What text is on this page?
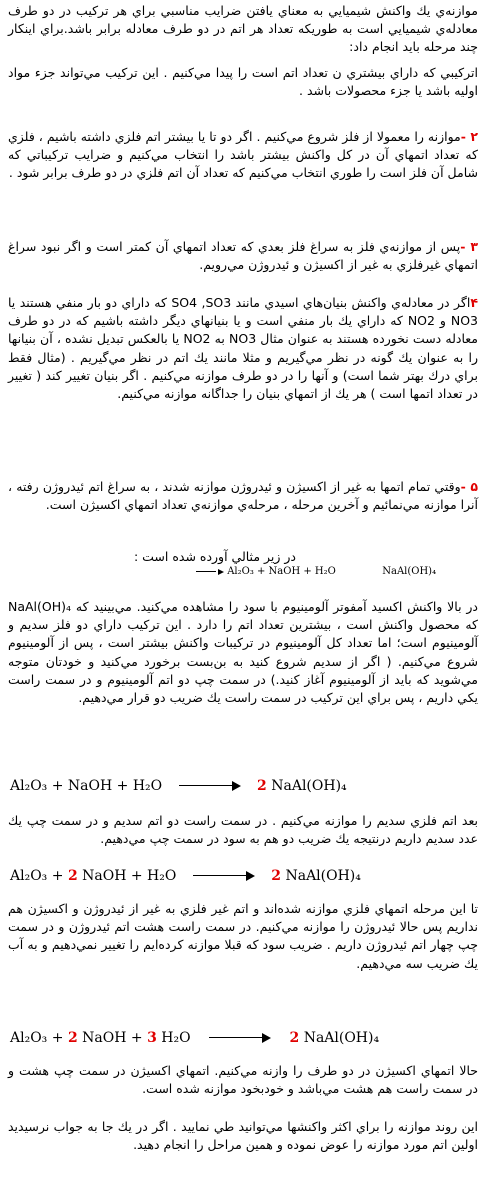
موازنه‌ي يك واكنش شيميايي به معناي يافتن ضرايب مناسبي براي هر تركيب در دو طرف معادله‌ي شيميايي است به طوريكه تعداد هر اتم در دو طرف معادله برابر باشد.براي اينكار چند مرحله بايد انجام داد:

اتركيبي كه داراي بيشتري ن تعداد اتم است را پيدا مي‌كنيم . اين تركيب مي‌تواند جزء مواد اوليه باشد يا جزء محصولات باشد .

۲ -موازنه را معمولا از فلز شروع مي‌كنيم . اگر دو تا يا بيشتر اتم فلزي داشته باشيم ، فلزي كه تعداد اتمهاي آن در كل واكنش بيشتر باشد را انتخاب مي‌كنيم و ضرايب تركيباتي كه شامل آن فلز است را طوري انتخاب مي‌كنيم كه تعداد آن اتم فلزي در دو طرف برابر شود .

۳ -پس از موازنه‌ي فلز به سراغ فلز بعدي كه تعداد اتمهاي آن كمتر است و اگر نبود سراغ اتمهاي غيرفلزي به غير از اكسيژن و ئيدروژن مي‌رويم.

۴اگر در معادله‌ي واكنش بنيان‌هاي اسيدي مانند SO4 ,SO3 كه داراي دو بار منفي هستند يا NO3 و NO2 كه داراي يك بار منفي است و يا بنيانهاي ديگر داشته باشيم كه در دو طرف معادله دست نخورده هستند به عنوان مثال NO3 به NO2 يا بالعكس تبديل نشده ، آن بنيانها را به عنوان يك گونه در نظر مي‌گيريم و مثلا مانند يك اتم در نظر مي‌گيريم . (مثال فقط براي درك بهتر شما است) و آنها را در دو طرف موازنه مي‌كنيم . اگر بنيان تغيير كند ( تغيير در تعداد اتمها است ) هر يك از اتمهاي بنيان را جداگانه موازنه مي‌كنيم.

۵ -وقتي تمام اتمها به غير از اكسيژن و ئيدروژن موازنه شدند ، به سراغ اتم ئيدروژن رفته ، آنرا موازنه مي‌نمائيم و آخرين مرحله ، مرحله‌ي موازنه‌ي تعداد اتمهاي اكسيژن است.

در زير مثالي آورده شده است :

Al₂O₃ + NaOH + H₂O	NaAl(OH)₄

در بالا واكنش اكسيد آمفوتر آلومينيوم با سود را مشاهده مي‌كنيد. مي‌بينيد كه NaAl(OH)₄ كه محصول واكنش است ، بيشترين تعداد اتم را دارد . اين تركيب داراي دو فلز سدیم و آلومینیوم است؛ اما تعداد كل آلومينيوم در تركيبات واكنش بيشتر است ، پس از آلومينيوم شروع مي‌كنيم. ( اگر از سديم شروع كنيد به بن‌بست برخورد مي‌كنيد و خودتان متوجه مي‌شويد كه بايد از آلومينيوم آغاز كنيد.) در سمت چپ دو اتم آلومينيوم و در سمت راست يكي داريم ، پس براي اين تركيب در سمت راست يك ضريب دو قرار مي‌دهيم.

Al₂O₃ + NaOH + H₂O	2 NaAl(OH)₄

بعد اتم فلزي سديم را موازنه مي‌كنيم . در سمت راست دو اتم سديم و در سمت چپ يك عدد سديم داريم درنتيجه يك ضريب دو هم به سود در سمت چپ مي‌دهيم.

Al₂O₃ + 2 NaOH + H₂O	2 NaAl(OH)₄

تا اين مرحله اتمهاي فلزي موازنه شده‌اند و اتم غير فلزي به غير از ئيدروژن و اكسيژن هم نداريم پس حالا ئيدروژن را موازنه مي‌كنيم. در سمت راست هشت اتم ئيدروژن و در سمت چپ چهار اتم ئيدروژن داريم . ضريب سود كه قبلا موازنه كرده‌ايم را تغيير نمي‌دهيم و به آب يك ضريب سه مي‌دهيم.

Al₂O₃ + 2 NaOH + 3 H₂O	2 NaAl(OH)₄

حالا اتمهاي اكسيژن در دو طرف را وازنه مي‌كنيم. اتمهاي اكسيژن در سمت چپ هشت و در سمت راست هم هشت مي‌باشد و خودبخود موازنه شده است.

اين روند موازنه را براي اكثر واكنشها مي‌توانيد طي نماييد . اگر در يك جا به جواب نرسيديد اولين اتم مورد موازنه را عوض نموده و همين مراحل را انجام دهيد.
